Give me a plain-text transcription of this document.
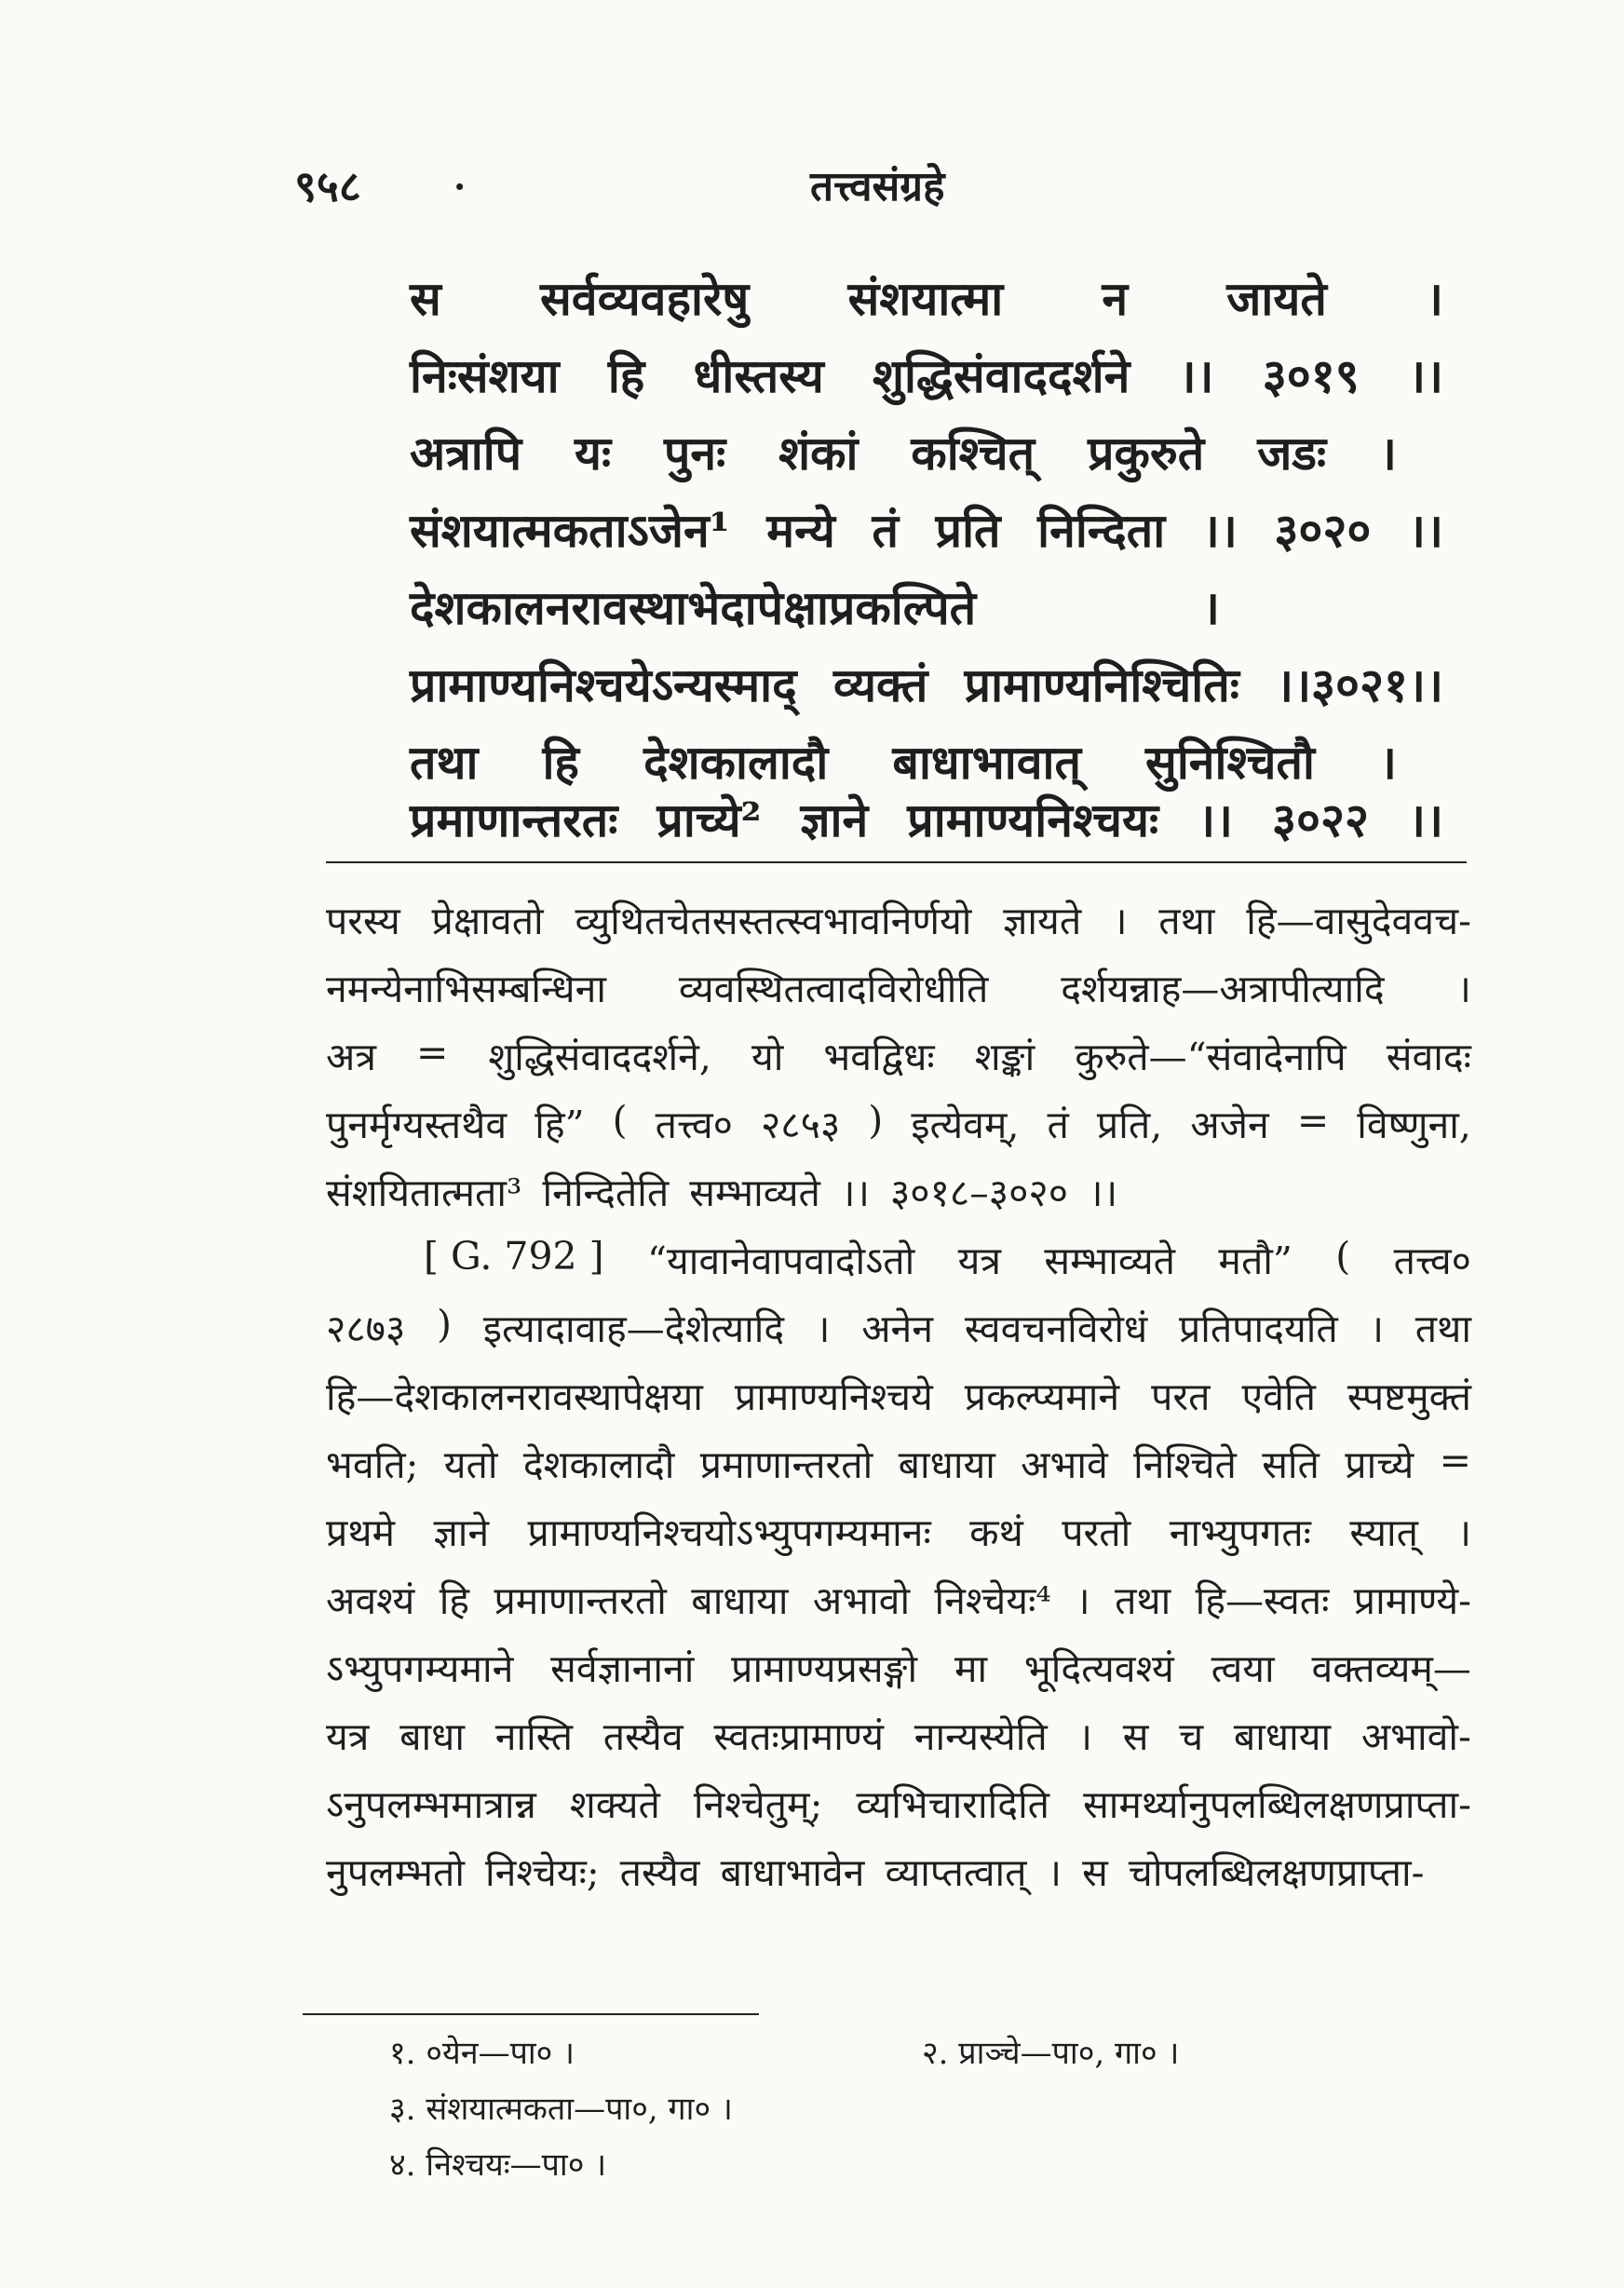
९५८	·	तत्त्वसंग्रहे
स सर्वव्यवहारेषु संशयात्मा न जायते ।
निःसंशया हि धीस्तस्य शुद्धिसंवाददर्शने ।। ३०१९ ।।
अत्रापि यः पुनः शंकां कश्चित् प्रकुरुते जडः ।
संशयात्मकताऽजेन¹ मन्ये तं प्रति निन्दिता ।। ३०२० ।।
देशकालनरावस्थाभेदापेक्षाप्रकल्पिते	।
प्रामाण्यनिश्चयेऽन्यस्माद् व्यक्तं प्रामाण्यनिश्चितिः ।।३०२१।।
तथा हि देशकालादौ बाधाभावात् सुनिश्चितौ ।
प्रमाणान्तरतः प्राच्ये² ज्ञाने प्रामाण्यनिश्चयः ।। ३०२२ ।।
परस्य प्रेक्षावतो व्युथितचेतसस्तत्स्वभावनिर्णयो ज्ञायते । तथा हि—वासुदेववच-
नमन्येनाभिसम्बन्धिना व्यवस्थितत्वादविरोधीति दर्शयन्नाह—अत्रापीत्यादि ।
अत्र = शुद्धिसंवाददर्शने, यो भवद्विधः शङ्कां कुरुते—“संवादेनापि संवादः
पुनर्मृग्यस्तथैव हि” ( तत्त्व० २८५३ ) इत्येवम्, तं प्रति, अजेन = विष्णुना,
संशयितात्मता³ निन्दितेति सम्भाव्यते ।। ३०१८–३०२० ।।
[ G. 792 ] “यावानेवापवादोऽतो यत्र सम्भाव्यते मतौ” ( तत्त्व०
२८७३ ) इत्यादावाह—देशेत्यादि । अनेन स्ववचनविरोधं प्रतिपादयति । तथा
हि—देशकालनरावस्थापेक्षया प्रामाण्यनिश्चये प्रकल्प्यमाने परत एवेति स्पष्टमुक्तं
भवति; यतो देशकालादौ प्रमाणान्तरतो बाधाया अभावे निश्चिते सति प्राच्ये =
प्रथमे ज्ञाने प्रामाण्यनिश्चयोऽभ्युपगम्यमानः कथं परतो नाभ्युपगतः स्यात् ।
अवश्यं हि प्रमाणान्तरतो बाधाया अभावो निश्चेयः⁴ । तथा हि—स्वतः प्रामाण्ये-
ऽभ्युपगम्यमाने सर्वज्ञानानां प्रामाण्यप्रसङ्गो मा भूदित्यवश्यं त्वया वक्तव्यम्—
यत्र बाधा नास्ति तस्यैव स्वतःप्रामाण्यं नान्यस्येति । स च बाधाया अभावो-
ऽनुपलम्भमात्रान्न शक्यते निश्चेतुम्; व्यभिचारादिति सामर्थ्यानुपलब्धिलक्षणप्राप्ता-
नुपलम्भतो निश्चेयः; तस्यैव बाधाभावेन व्याप्तत्वात् । स चोपलब्धिलक्षणप्राप्ता-
१. ०येन—पा० ।	२. प्राञ्चे—पा०, गा० ।
३. संशयात्मकता—पा०, गा० ।
४. निश्चयः—पा० ।
